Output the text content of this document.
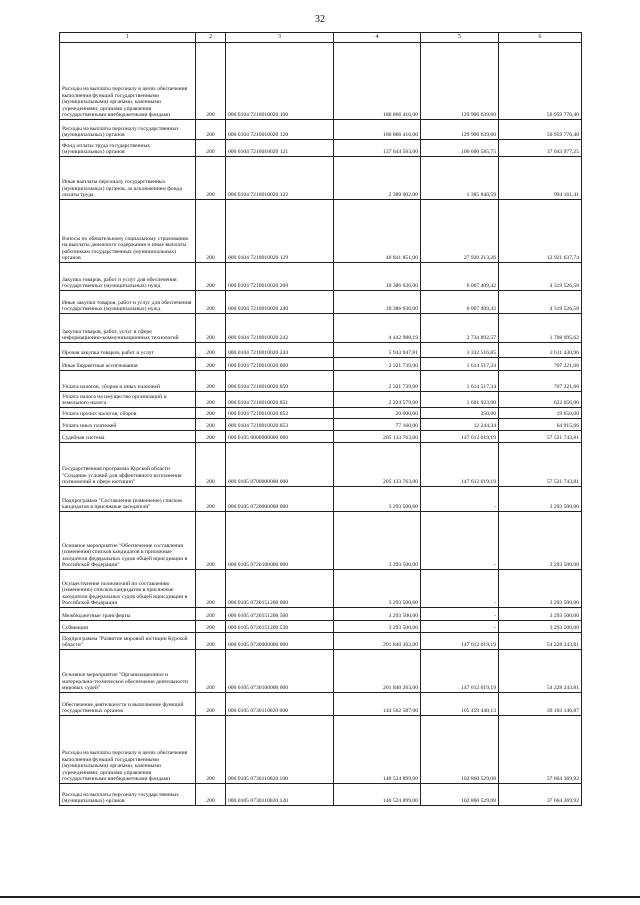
32
1	2	3	4	5	6
Расходы на выплаты персоналу в целях обеспечения выполнения функций государственными (муниципальными) органами, казенными учреждениями, органами управления государственными внебюджетными фондами	200	000 0104 7210010020 100	180 866 416,00	129 906 639,60	50 959 776,40
Расходы на выплаты персоналу государственных (муниципальных) органов	200	000 0104 7210010020 120	180 866 416,00	129 906 639,60	50 959 776,40
Фонд оплаты труда государственных (муниципальных) органов	200	000 0104 7210010020 121	137 644 563,00	100 600 585,75	37 043 977,25
Иные выплаты персоналу государственных (муниципальных) органов, за исключением фонда оплаты труда	200	000 0104 7210010020 122	2 380 002,00	1 385 840,59	994 161,41
Взносы по обязательному социальному страхованию на выплаты денежного содержания и иные выплаты работникам государственных (муниципальных) органов	200	000 0104 7210010020 129	40 841 851,00	27 920 213,26	12 921 637,74
Закупка товаров, работ и услуг для обеспечения государственных (муниципальных) нужд	200	000 0104 7210010020 200	10 386 936,00	6 067 409,42	4 319 526,58
Иные закупки товаров, работ и услуг для обеспечения государственных (муниципальных) нужд	200	000 0104 7210010020 240	10 386 936,00	6 067 409,42	4 319 526,58
Закупка товаров, работ, услуг в сфере информационно-коммуникационных технологий	200	000 0104 7210010020 242	4 442 988,19	2 734 892,57	1 708 095,62
Прочая закупка товаров, работ и услуг	200	000 0104 7210010020 244	5 943 947,81	3 332 516,85	2 611 430,96
Иные бюджетные ассигнования	200	000 0104 7210010020 800	2 321 739,00	1 614 517,34	707 221,66
Уплата налогов, сборов и иных платежей	200	000 0104 7210010020 850	2 321 739,00	1 614 517,34	707 221,66
Уплата налога на имущество организаций и земельного налога	200	000 0104 7210010020 851	2 224 579,00	1 601 923,00	622 656,00
Уплата прочих налогов, сборов	200	000 0104 7210010020 852	20 000,00	350,00	19 650,00
Уплата иных платежей	200	000 0104 7210010020 853	77 160,00	12 244,34	64 915,66
Судебная система	200	000 0105 0000000000 000	205 133 763,00	147 612 019,19	57 521 743,81
Государственная программа Курской области "Создание условий для эффективного исполнения полномочий в сфере юстиции"	200	000 0105 0700000000 000	205 133 763,00	147 612 019,19	57 521 743,81
Подпрограмма "Составление (изменение) списков кандидатов в присяжные заседатели"	200	000 0105 0720000000 000	3 293 500,00	-	3 293 500,00
Основное мероприятие "Обеспечение составления (изменения) списков кандидатов в присяжные заседатели федеральных судов общей юрисдикции в Российской Федерации"	200	000 0105 0720100000 000	3 293 500,00	-	3 293 500,00
Осуществление полномочий по составлению (изменению) списков кандидатов в присяжные заседатели федеральных судов общей юрисдикции в Российской Федерации	200	000 0105 0720151200 000	3 293 500,00	-	3 293 500,00
Межбюджетные трансферты	200	000 0105 0720151200 500	3 293 500,00	-	3 293 500,00
Субвенции	200	000 0105 0720151200 530	3 293 500,00	-	3 293 500,00
Подпрограмма "Развитие мировой юстиции Курской области"	200	000 0105 0730000000 000	201 840 263,00	147 612 019,19	54 228 243,81
Основное мероприятие "Организационное и материально-техническое обеспечение деятельности мировых судей"	200	000 0105 0730100000 000	201 840 263,00	147 612 019,19	54 228 243,81
Обеспечение деятельности и выполнение функций государственных органов	200	000 0105 0730110020 000	144 562 587,00	105 459 440,13	39 103 146,87
Расходы на выплаты персоналу в целях обеспечения выполнения функций государственными (муниципальными) органами, казенными учреждениями, органами управления государственными внебюджетными фондами	200	000 0105 0730110020 100	140 524 899,00	102 860 529,08	37 664 369,92
Расходы на выплаты персоналу государственных (муниципальных) органов	200	000 0105 0730110020 120	140 524 899,00	102 860 529,08	37 664 369,92
